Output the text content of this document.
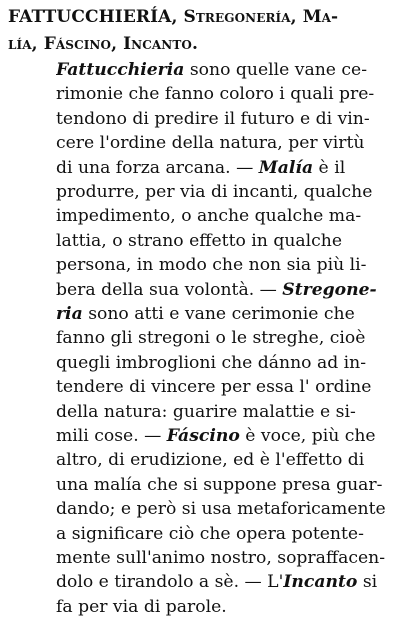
FATTUCCHIERÍA, Stregonería, Ma-
lía, Fáscino, Incanto.
Fattucchieria sono quelle vane ce-
rimonie che fanno coloro i quali pre-
tendono di predire il futuro e di vin-
cere l'ordine della natura, per virtù
di una forza arcana. — Malía è il
produrre, per via di incanti, qualche
impedimento, o anche qualche ma-
lattia, o strano effetto in qualche
persona, in modo che non sia più li-
bera della sua volontà. — Stregone-
ria sono atti e vane cerimonie che
fanno gli stregoni o le streghe, cioè
quegli imbroglioni che dánno ad in-
tendere di vincere per essa l' ordine
della natura: guarire malattie e si-
mili cose. — Fáscino è voce, più che
altro, di erudizione, ed è l'effetto di
una malía che si suppone presa guar-
dando; e però si usa metaforicamente
a significare ciò che opera potente-
mente sull'animo nostro, sopraffacen-
dolo e tirandolo a sè. — L'Incanto si
fa per via di parole.
